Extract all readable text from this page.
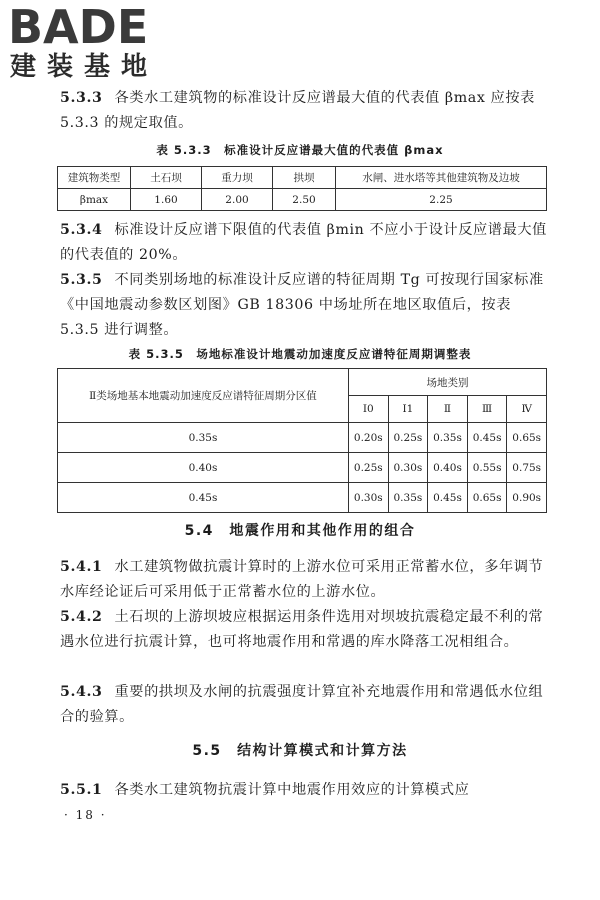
BADE
建装基地

5.3.3 各类水工建筑物的标准设计反应谱最大值的代表值 βmax 应按表 5.3.3 的规定取值。

表 5.3.3　标准设计反应谱最大值的代表值 βmax
建筑物类型	土石坝	重力坝	拱坝	水闸、进水塔等其他建筑物及边坡
βmax	1.60	2.00	2.50	2.25

5.3.4 标准设计反应谱下限值的代表值 βmin 不应小于设计反应谱最大值的代表值的 20%。

5.3.5 不同类别场地的标准设计反应谱的特征周期 Tg 可按现行国家标准《中国地震动参数区划图》GB 18306 中场址所在地区取值后，按表 5.3.5 进行调整。

表 5.3.5　场地标准设计地震动加速度反应谱特征周期调整表
Ⅱ类场地基本地震动加速度反应谱特征周期分区值	场地类别				
	Ⅰ0	Ⅰ1	Ⅱ	Ⅲ	Ⅳ
0.35s	0.20s	0.25s	0.35s	0.45s	0.65s
0.40s	0.25s	0.30s	0.40s	0.55s	0.75s
0.45s	0.30s	0.35s	0.45s	0.65s	0.90s
5.4　地震作用和其他作用的组合

5.4.1 水工建筑物做抗震计算时的上游水位可采用正常蓄水位，多年调节水库经论证后可采用低于正常蓄水位的上游水位。

5.4.2 土石坝的上游坝坡应根据运用条件选用对坝坡抗震稳定最不利的常遇水位进行抗震计算，也可将地震作用和常遇的库水降落工况相组合。

5.4.3 重要的拱坝及水闸的抗震强度计算宜补充地震作用和常遇低水位组合的验算。

5.5　结构计算模式和计算方法

5.5.1 各类水工建筑物抗震计算中地震作用效应的计算模式应

· 18 ·
